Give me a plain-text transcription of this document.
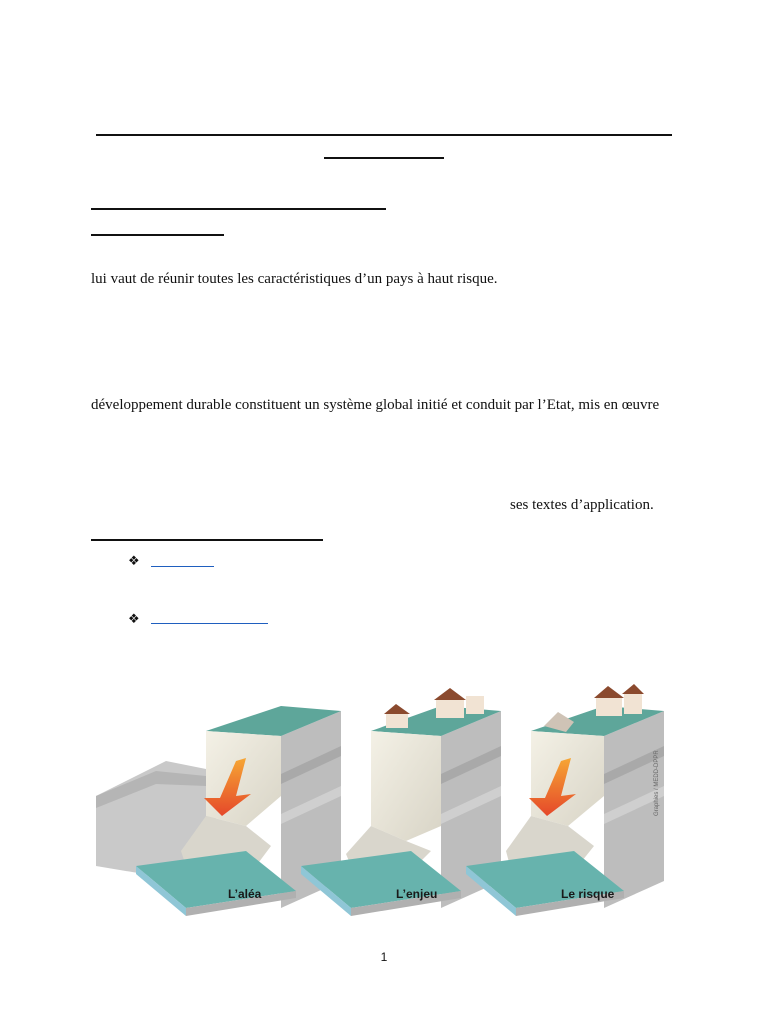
lui vaut de réunir toutes les caractéristiques d’un pays à haut risque.
développement durable constituent un système global initié et conduit par l’Etat, mis en œuvre
ses textes d’application.
❖
❖
L’aléa	L’enjeu	Le risque
Graphies / MEDD-DPPR
1
